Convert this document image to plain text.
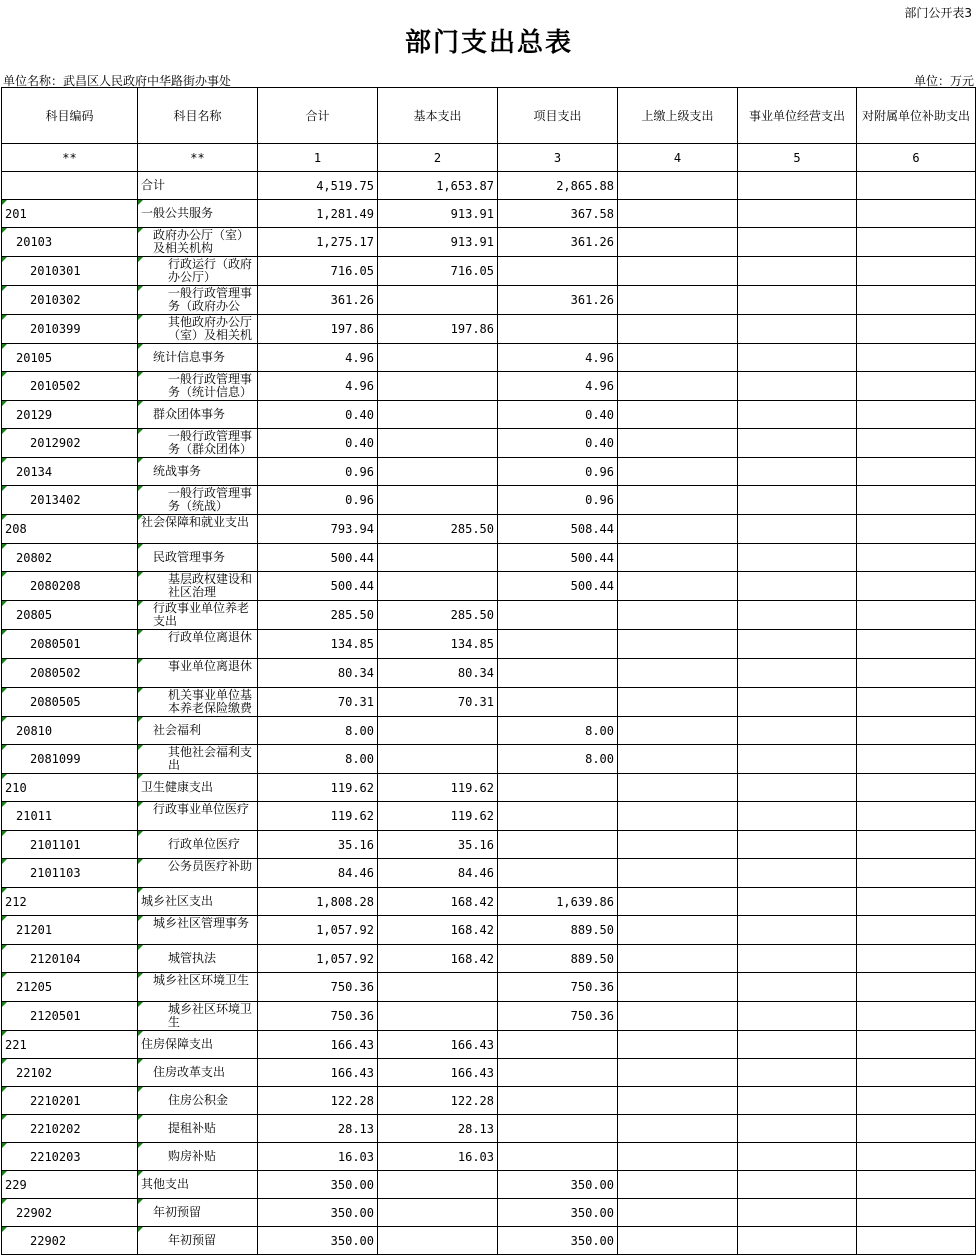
部门公开表3
部门支出总表
单位名称：武昌区人民政府中华路街办事处	单位：万元
科目编码	科目名称	合计	基本支出	项目支出	上缴上级支出	事业单位经营支出	对附属单位补助支出
**	**	1	2	3	4	5	6
	合计	4,519.75	1,653.87	2,865.88			

201	一般公共服务	1,281.49	913.91	367.58			

20103	政府办公厅（室）及相关机构	1,275.17	913.91	361.26			

2010301	行政运行（政府办公厅）	716.05	716.05				

2010302	一般行政管理事务（政府办公	361.26		361.26			

2010399	其他政府办公厅（室）及相关机	197.86	197.86				

20105	统计信息事务	4.96		4.96			

2010502	一般行政管理事务（统计信息）	4.96		4.96			

20129	群众团体事务	0.40		0.40			

2012902	一般行政管理事务（群众团体）	0.40		0.40			

20134	统战事务	0.96		0.96			

2013402	一般行政管理事务（统战）	0.96		0.96			

208	社会保障和就业支出	793.94	285.50	508.44			

20802	民政管理事务	500.44		500.44			

2080208	基层政权建设和社区治理	500.44		500.44			

20805	行政事业单位养老支出	285.50	285.50				

2080501	行政单位离退休	134.85	134.85				

2080502	事业单位离退休	80.34	80.34				

2080505	机关事业单位基本养老保险缴费	70.31	70.31				

20810	社会福利	8.00		8.00			

2081099	其他社会福利支出	8.00		8.00			

210	卫生健康支出	119.62	119.62				

21011	行政事业单位医疗	119.62	119.62				

2101101	行政单位医疗	35.16	35.16				

2101103	公务员医疗补助	84.46	84.46				

212	城乡社区支出	1,808.28	168.42	1,639.86			

21201	城乡社区管理事务	1,057.92	168.42	889.50			

2120104	城管执法	1,057.92	168.42	889.50			

21205	城乡社区环境卫生	750.36		750.36			

2120501	城乡社区环境卫生	750.36		750.36			

221	住房保障支出	166.43	166.43				

22102	住房改革支出	166.43	166.43				

2210201	住房公积金	122.28	122.28				

2210202	提租补贴	28.13	28.13				

2210203	购房补贴	16.03	16.03				

229	其他支出	350.00		350.00			

22902	年初预留	350.00		350.00			

22902	年初预留	350.00		350.00			
